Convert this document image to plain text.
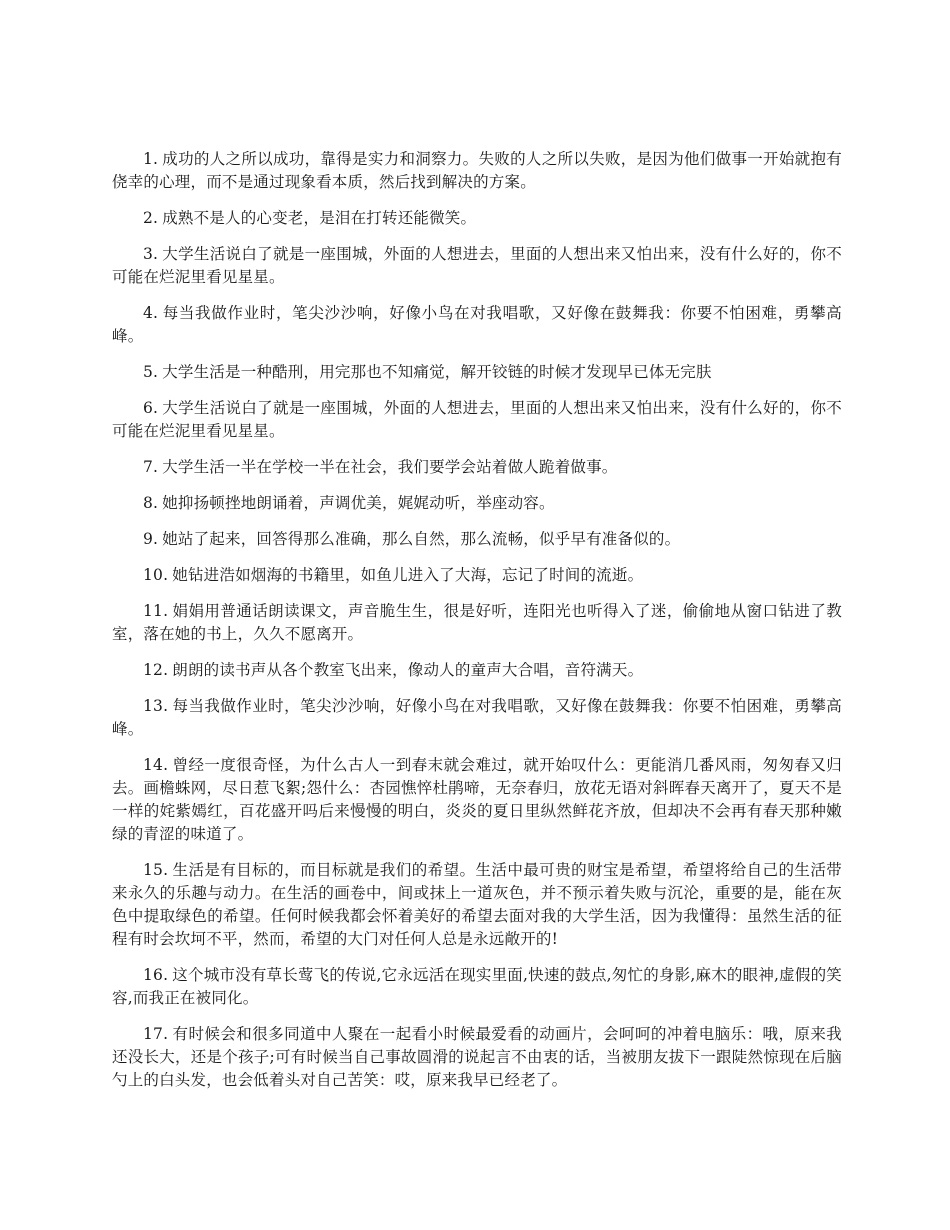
1. 成功的人之所以成功，靠得是实力和洞察力。失败的人之所以失败，是因为他们做事一开始就抱有侥幸的心理，而不是通过现象看本质，然后找到解决的方案。

2. 成熟不是人的心变老，是泪在打转还能微笑。

3. 大学生活说白了就是一座围城，外面的人想进去，里面的人想出来又怕出来，没有什么好的，你不可能在烂泥里看见星星。

4. 每当我做作业时，笔尖沙沙响，好像小鸟在对我唱歌，又好像在鼓舞我：你要不怕困难，勇攀高峰。

5. 大学生活是一种酷刑，用完那也不知痛觉，解开铰链的时候才发现早已体无完肤

6. 大学生活说白了就是一座围城，外面的人想进去，里面的人想出来又怕出来，没有什么好的，你不可能在烂泥里看见星星。

7. 大学生活一半在学校一半在社会，我们要学会站着做人跪着做事。

8. 她抑扬顿挫地朗诵着，声调优美，娓娓动听，举座动容。

9. 她站了起来，回答得那么准确，那么自然，那么流畅，似乎早有准备似的。

10. 她钻进浩如烟海的书籍里，如鱼儿进入了大海，忘记了时间的流逝。

11. 娟娟用普通话朗读课文，声音脆生生，很是好听，连阳光也听得入了迷，偷偷地从窗口钻进了教室，落在她的书上，久久不愿离开。

12. 朗朗的读书声从各个教室飞出来，像动人的童声大合唱，音符满天。

13. 每当我做作业时，笔尖沙沙响，好像小鸟在对我唱歌，又好像在鼓舞我：你要不怕困难，勇攀高峰。

14. 曾经一度很奇怪，为什么古人一到春末就会难过，就开始叹什么：更能消几番风雨，匆匆春又归去。画檐蛛网，尽日惹飞絮;怨什么：杏园憔悴杜鹃啼，无奈春归，放花无语对斜晖春天离开了，夏天不是一样的姹紫嫣红，百花盛开吗后来慢慢的明白，炎炎的夏日里纵然鲜花齐放，但却决不会再有春天那种嫩绿的青涩的味道了。

15. 生活是有目标的，而目标就是我们的希望。生活中最可贵的财宝是希望，希望将给自己的生活带来永久的乐趣与动力。在生活的画卷中，间或抹上一道灰色，并不预示着失败与沉沦，重要的是，能在灰色中提取绿色的希望。任何时候我都会怀着美好的希望去面对我的大学生活，因为我懂得：虽然生活的征程有时会坎坷不平，然而，希望的大门对任何人总是永远敞开的!

16. 这个城市没有草长莺飞的传说,它永远活在现实里面,快速的鼓点,匆忙的身影,麻木的眼神,虚假的笑容,而我正在被同化。

17. 有时候会和很多同道中人聚在一起看小时候最爱看的动画片，会呵呵的冲着电脑乐：哦，原来我还没长大，还是个孩子;可有时候当自己事故圆滑的说起言不由衷的话，当被朋友拔下一跟陡然惊现在后脑勺上的白头发，也会低着头对自己苦笑：哎，原来我早已经老了。
